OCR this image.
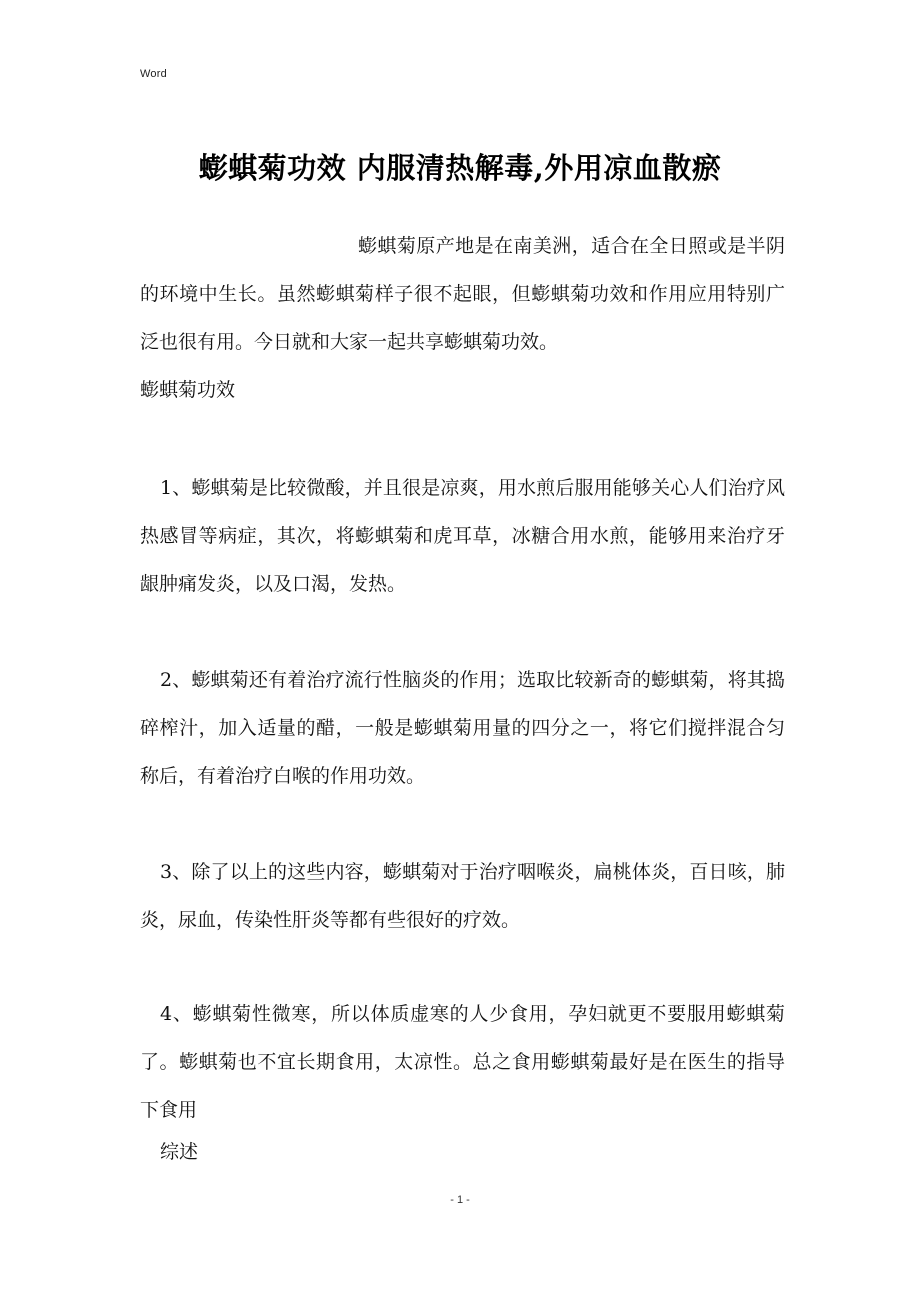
Word
蟛蜞菊功效 内服清热解毒,外用凉血散瘀

蟛蜞菊原产地是在南美洲，适合在全日照或是半阴的环境中生长。虽然蟛蜞菊样子很不起眼，但蟛蜞菊功效和作用应用特别广泛也很有用。今日就和大家一起共享蟛蜞菊功效。

蟛蜞菊功效

1、蟛蜞菊是比较微酸，并且很是凉爽，用水煎后服用能够关心人们治疗风热感冒等病症，其次，将蟛蜞菊和虎耳草，冰糖合用水煎，能够用来治疗牙龈肿痛发炎，以及口渴，发热。

2、蟛蜞菊还有着治疗流行性脑炎的作用；选取比较新奇的蟛蜞菊，将其捣碎榨汁，加入适量的醋，一般是蟛蜞菊用量的四分之一，将它们搅拌混合匀称后，有着治疗白喉的作用功效。

3、除了以上的这些内容，蟛蜞菊对于治疗咽喉炎，扁桃体炎，百日咳，肺炎，尿血，传染性肝炎等都有些很好的疗效。

4、蟛蜞菊性微寒，所以体质虚寒的人少食用，孕妇就更不要服用蟛蜞菊了。蟛蜞菊也不宜长期食用，太凉性。总之食用蟛蜞菊最好是在医生的指导下食用

综述

- 1 -
